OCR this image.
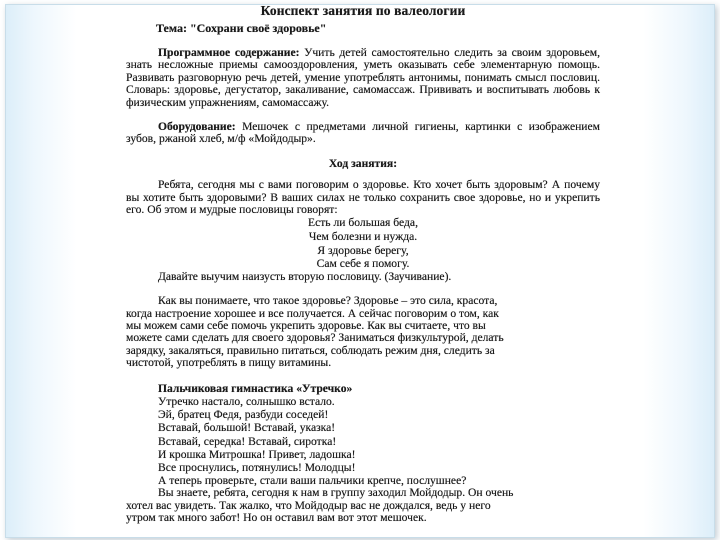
Конспект занятия по валеологии
Тема: "Сохрани своё здоровье"

Программное содержание: Учить детей самостоятельно следить за своим здоровьем, знать несложные приемы самооздоровления, уметь оказывать себе элементарную помощь. Развивать разговорную речь детей, умение употреблять антонимы, понимать смысл пословиц. Словарь: здоровье, дегустатор, закаливание, самомассаж. Прививать и воспитывать любовь к физическим упражнениям, самомассажу.

Оборудование: Мешочек с предметами личной гигиены, картинки с изображением зубов, ржаной хлеб, м/ф «Мойдодыр».

Ход занятия:

Ребята, сегодня мы с вами поговорим о здоровье. Кто хочет быть здоровым? А почему вы хотите быть здоровыми? В ваших силах не только сохранить свое здоровье, но и укрепить его. Об этом и мудрые пословицы говорят:

Есть ли большая беда,
Чем болезни и нужда.
Я здоровье берегу,
Сам себе я помогу.

Давайте выучим наизусть вторую пословицу. (Заучивание).

Как вы понимаете, что такое здоровье? Здоровье – это сила, красота,
когда настроение хорошее и все получается. А сейчас поговорим о том, как
мы можем сами себе помочь укрепить здоровье. Как вы считаете, что вы
можете сами сделать для своего здоровья? Заниматься физкультурой, делать
зарядку, закаляться, правильно питаться, соблюдать режим дня, следить за
чистотой, употреблять в пищу витамины.
Пальчиковая гимнастика «Утречко»
Утречко настало, солнышко встало.
Эй, братец Федя, разбуди соседей!
Вставай, большой! Вставай, указка!
Вставай, середка! Вставай, сиротка!
И крошка Митрошка! Привет, ладошка!
Все проснулись, потянулись! Молодцы!
А теперь проверьте, стали ваши пальчики крепче, послушнее?
Вы знаете, ребята, сегодня к нам в группу заходил Мойдодыр. Он очень
хотел вас увидеть. Так жалко, что Мойдодыр вас не дождался, ведь у него
утром так много забот! Но он оставил вам вот этот мешочек.
